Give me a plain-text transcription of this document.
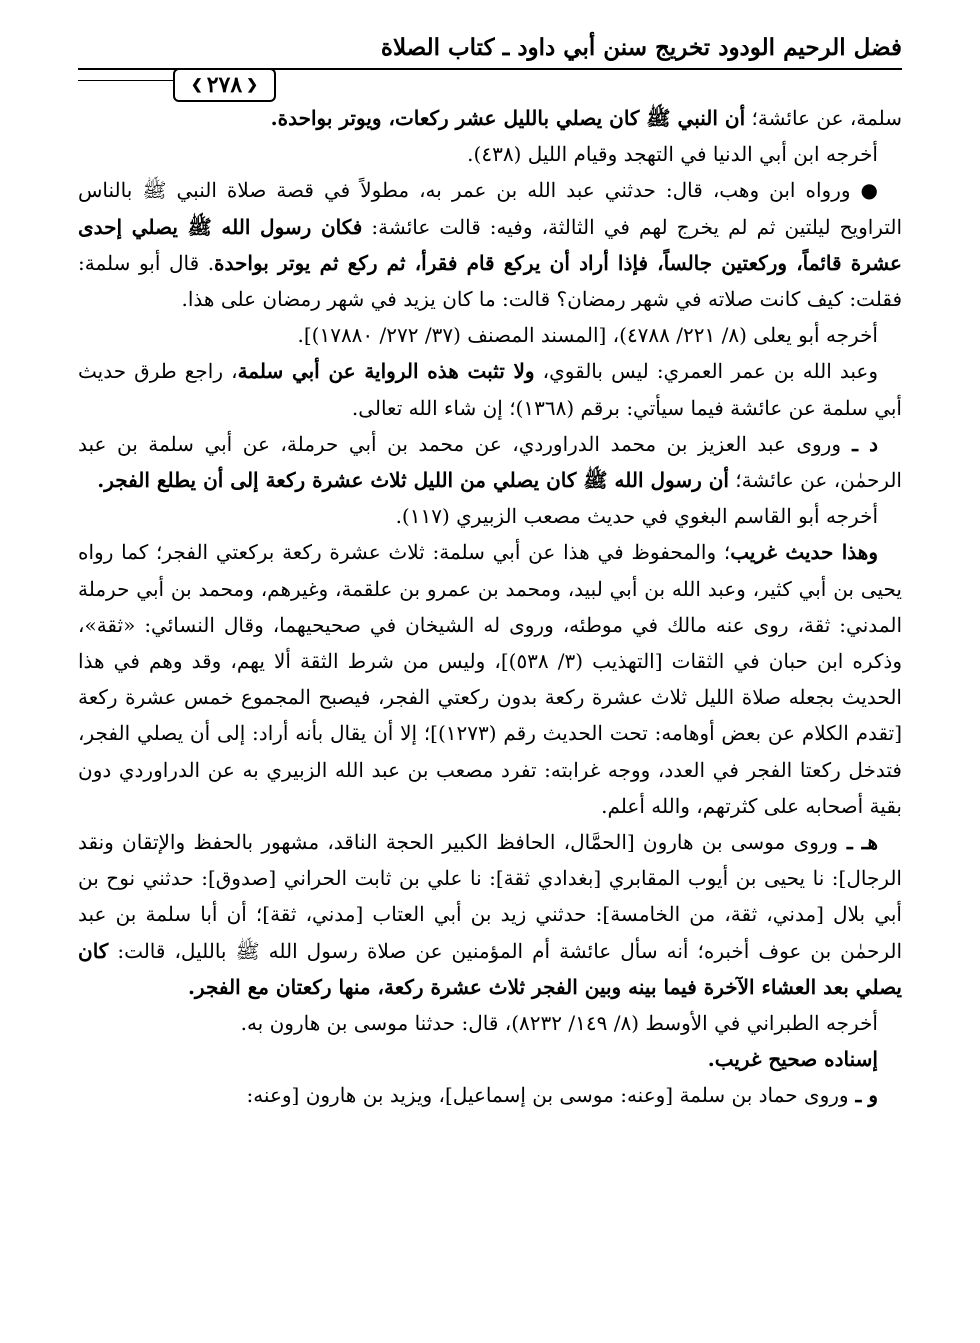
فضل الرحيم الودود تخريج سنن أبي داود ـ كتاب الصلاة
❮
٢٧٨
❯

سلمة، عن عائشة؛ أن النبي ﷺ كان يصلي بالليل عشر ركعات، ويوتر بواحدة.

أخرجه ابن أبي الدنيا في التهجد وقيام الليل (٤٣٨).

● ورواه ابن وهب، قال: حدثني عبد الله بن عمر به، مطولاً في قصة صلاة النبي ﷺ بالناس التراويح ليلتين ثم لم يخرج لهم في الثالثة، وفيه: قالت عائشة: فكان رسول الله ﷺ يصلي إحدى عشرة قائماً، وركعتين جالساً، فإذا أراد أن يركع قام فقرأ، ثم ركع ثم يوتر بواحدة. قال أبو سلمة: فقلت: كيف كانت صلاته في شهر رمضان؟ قالت: ما كان يزيد في شهر رمضان على هذا.

أخرجه أبو يعلى (٨/ ٢٢١/ ٤٧٨٨)، [المسند المصنف (٣٧/ ٢٧٢/ ١٧٨٨٠)].

وعبد الله بن عمر العمري: ليس بالقوي، ولا تثبت هذه الرواية عن أبي سلمة، راجع طرق حديث أبي سلمة عن عائشة فيما سيأتي: برقم (١٣٦٨)؛ إن شاء الله تعالى.

د ـ وروى عبد العزيز بن محمد الدراوردي، عن محمد بن أبي حرملة، عن أبي سلمة بن عبد الرحمٰن، عن عائشة؛ أن رسول الله ﷺ كان يصلي من الليل ثلاث عشرة ركعة إلى أن يطلع الفجر.

أخرجه أبو القاسم البغوي في حديث مصعب الزبيري (١١٧).

وهذا حديث غريب؛ والمحفوظ في هذا عن أبي سلمة: ثلاث عشرة ركعة بركعتي الفجر؛ كما رواه يحيى بن أبي كثير، وعبد الله بن أبي لبيد، ومحمد بن عمرو بن علقمة، وغيرهم، ومحمد بن أبي حرملة المدني: ثقة، روى عنه مالك في موطئه، وروى له الشيخان في صحيحيهما، وقال النسائي: «ثقة»، وذكره ابن حبان في الثقات [التهذيب (٣/ ٥٣٨)]، وليس من شرط الثقة ألا يهم، وقد وهم في هذا الحديث بجعله صلاة الليل ثلاث عشرة ركعة بدون ركعتي الفجر، فيصبح المجموع خمس عشرة ركعة [تقدم الكلام عن بعض أوهامه: تحت الحديث رقم (١٢٧٣)]؛ إلا أن يقال بأنه أراد: إلى أن يصلي الفجر، فتدخل ركعتا الفجر في العدد، ووجه غرابته: تفرد مصعب بن عبد الله الزبيري به عن الدراوردي دون بقية أصحابه على كثرتهم، والله أعلم.

هـ ـ وروى موسى بن هارون [الحمَّال، الحافظ الكبير الحجة الناقد، مشهور بالحفظ والإتقان ونقد الرجال]: نا يحيى بن أيوب المقابري [بغدادي ثقة]: نا علي بن ثابت الحراني [صدوق]: حدثني نوح بن أبي بلال [مدني، ثقة، من الخامسة]: حدثني زيد بن أبي العتاب [مدني، ثقة]؛ أن أبا سلمة بن عبد الرحمٰن بن عوف أخبره؛ أنه سأل عائشة أم المؤمنين عن صلاة رسول الله ﷺ بالليل، قالت: كان يصلي بعد العشاء الآخرة فيما بينه وبين الفجر ثلاث عشرة ركعة، منها ركعتان مع الفجر.

أخرجه الطبراني في الأوسط (٨/ ١٤٩/ ٨٢٣٢)، قال: حدثنا موسى بن هارون به.

إسناده صحيح غريب.

و ـ وروى حماد بن سلمة [وعنه: موسى بن إسماعيل]، ويزيد بن هارون [وعنه:
